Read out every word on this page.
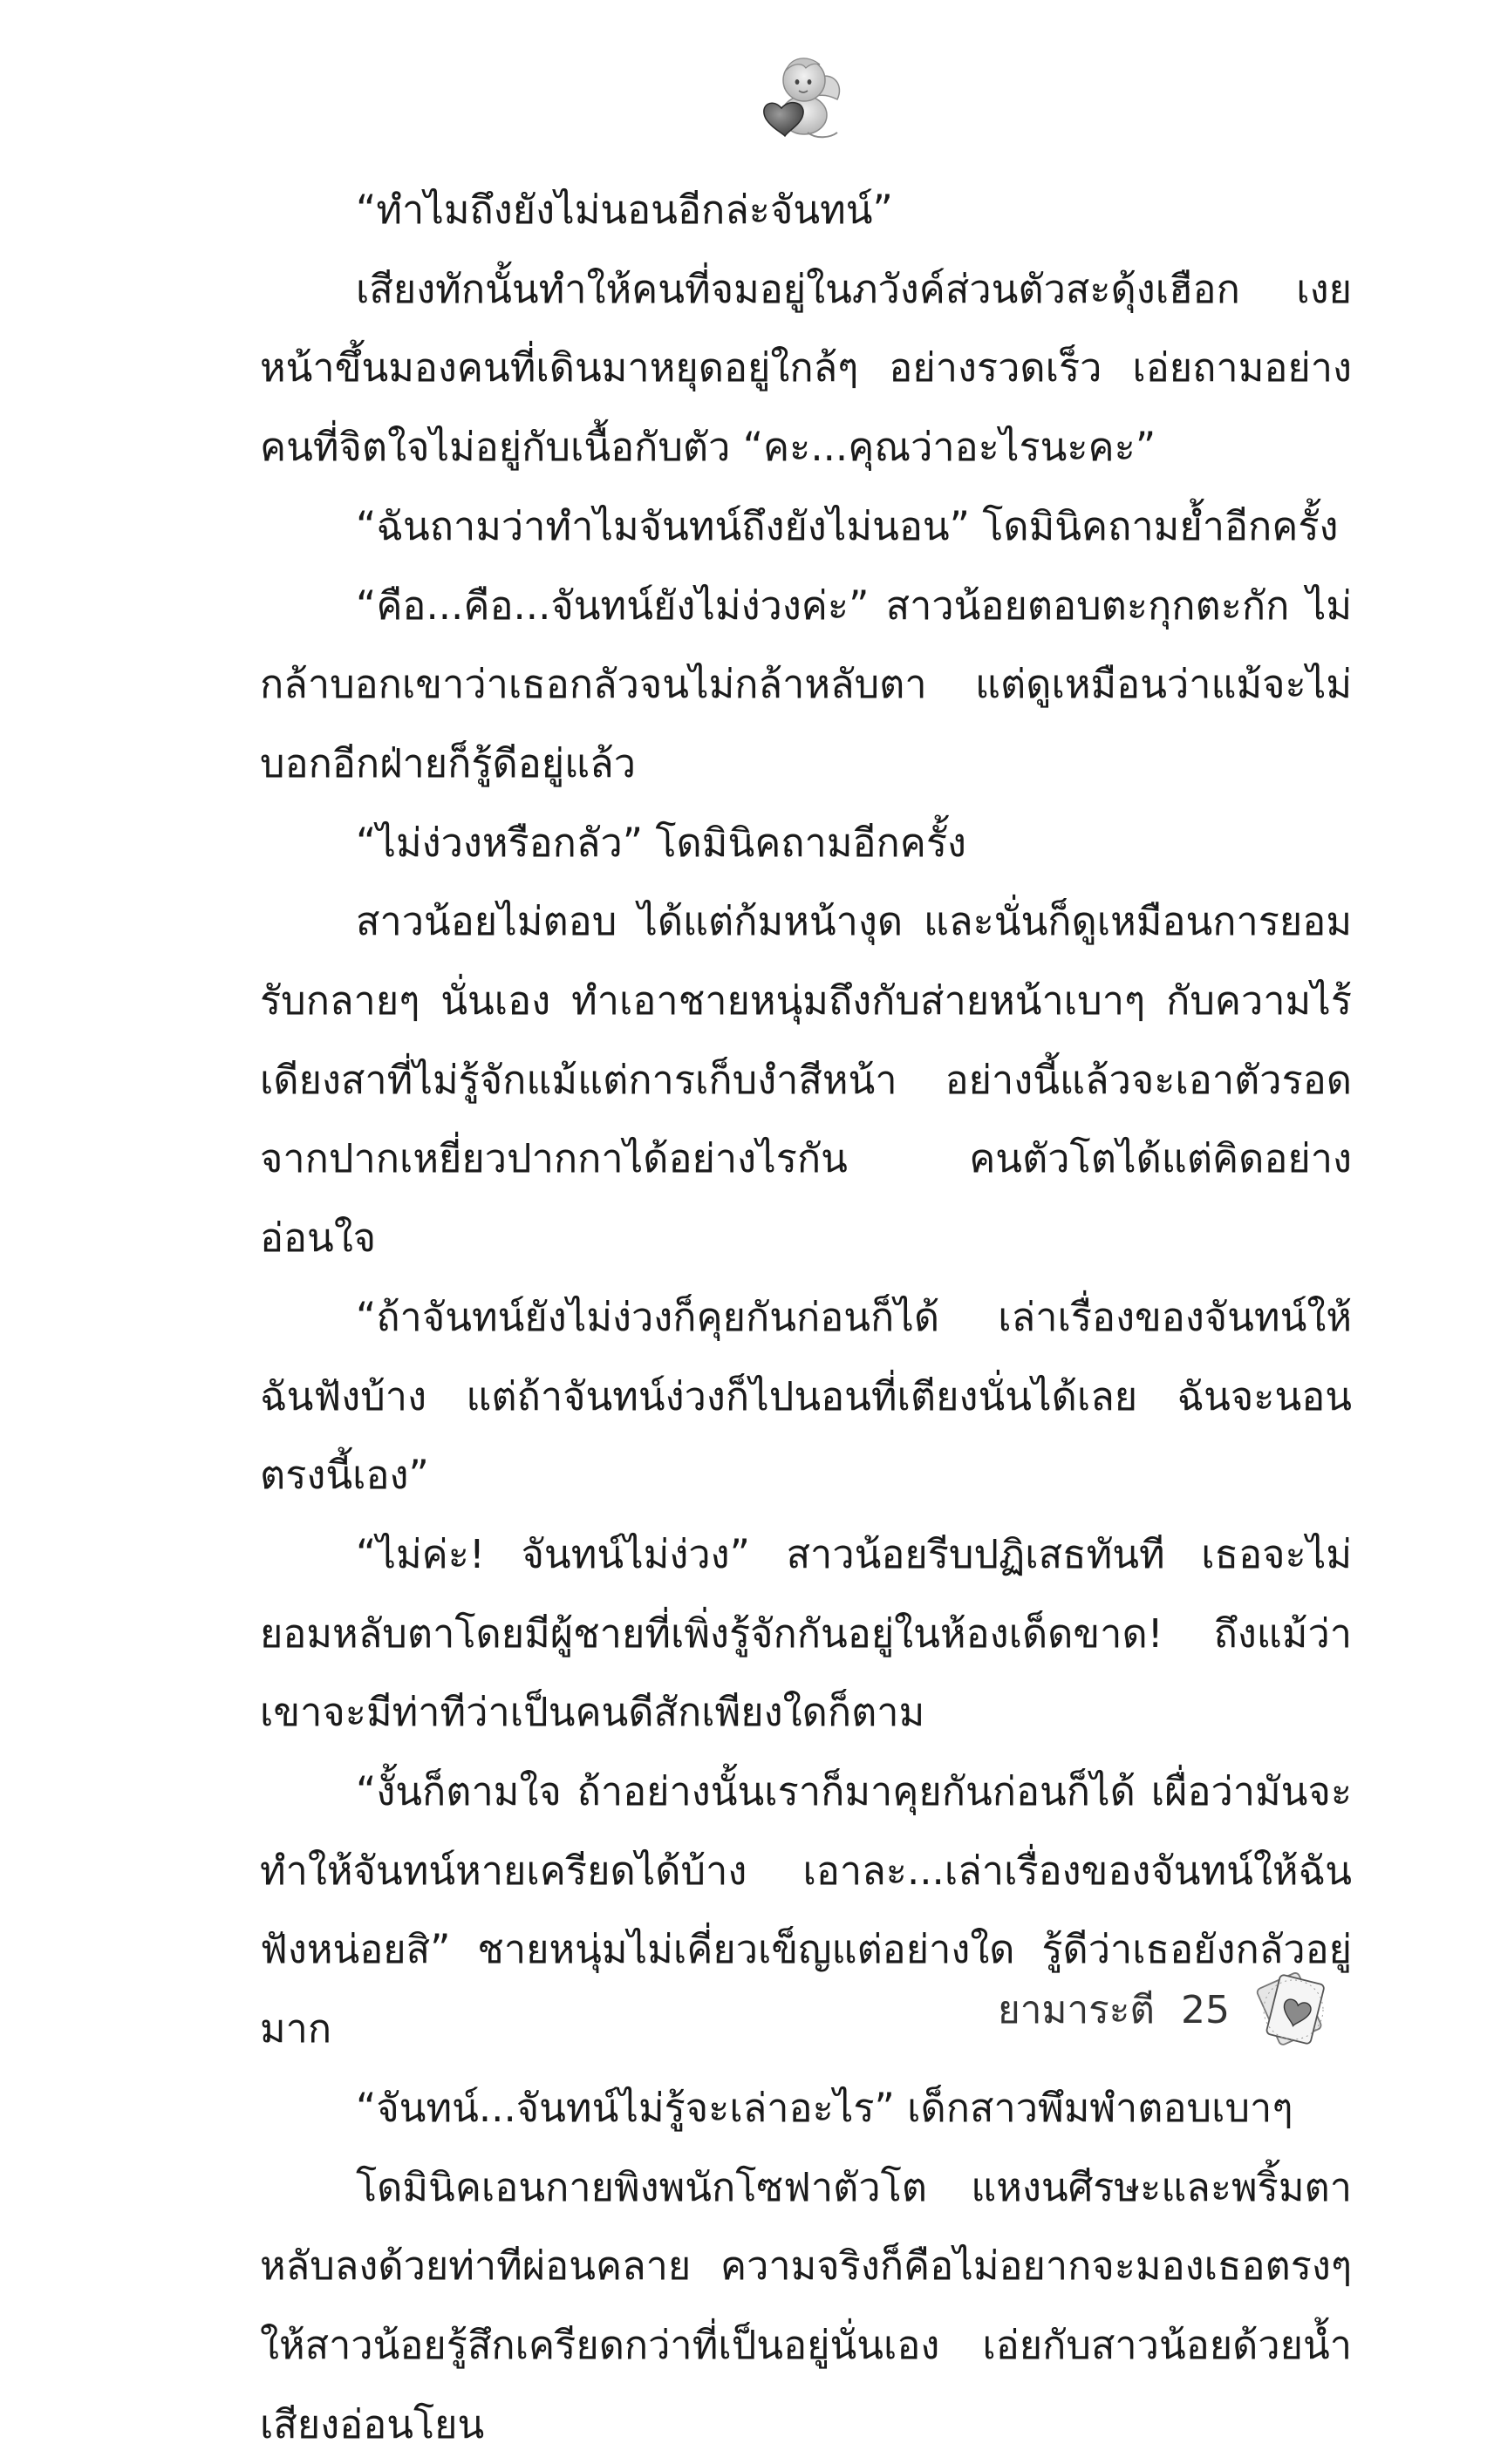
“ทำไมถึงยังไม่นอนอีกล่ะจันทน์”

เสียงทักนั้นทำให้คนที่จมอยู่ในภวังค์ส่วนตัวสะดุ้งเฮือก เงยหน้าขึ้นมองคนที่เดินมาหยุดอยู่ใกล้ๆ อย่างรวดเร็ว เอ่ยถามอย่างคนที่จิตใจไม่อยู่กับเนื้อกับตัว “คะ...คุณว่าอะไรนะคะ”

“ฉันถามว่าทำไมจันทน์ถึงยังไม่นอน” โดมินิคถามย้ำอีกครั้ง

“คือ...คือ...จันทน์ยังไม่ง่วงค่ะ” สาวน้อยตอบตะกุกตะกัก ไม่กล้าบอกเขาว่าเธอกลัวจนไม่กล้าหลับตา แต่ดูเหมือนว่าแม้จะไม่บอกอีกฝ่ายก็รู้ดีอยู่แล้ว

“ไม่ง่วงหรือกลัว” โดมินิคถามอีกครั้ง

สาวน้อยไม่ตอบ ได้แต่ก้มหน้างุด และนั่นก็ดูเหมือนการยอมรับกลายๆ นั่นเอง ทำเอาชายหนุ่มถึงกับส่ายหน้าเบาๆ กับความไร้เดียงสาที่ไม่รู้จักแม้แต่การเก็บงำสีหน้า อย่างนี้แล้วจะเอาตัวรอดจากปากเหยี่ยวปากกาได้อย่างไรกัน คนตัวโตได้แต่คิดอย่างอ่อนใจ

“ถ้าจันทน์ยังไม่ง่วงก็คุยกันก่อนก็ได้ เล่าเรื่องของจันทน์ให้ฉันฟังบ้าง แต่ถ้าจันทน์ง่วงก็ไปนอนที่เตียงนั่นได้เลย ฉันจะนอนตรงนี้เอง”

“ไม่ค่ะ! จันทน์ไม่ง่วง” สาวน้อยรีบปฏิเสธทันที เธอจะไม่ยอมหลับตาโดยมีผู้ชายที่เพิ่งรู้จักกันอยู่ในห้องเด็ดขาด! ถึงแม้ว่าเขาจะมีท่าทีว่าเป็นคนดีสักเพียงใดก็ตาม

“งั้นก็ตามใจ ถ้าอย่างนั้นเราก็มาคุยกันก่อนก็ได้ เผื่อว่ามันจะทำให้จันทน์หายเครียดได้บ้าง เอาละ...เล่าเรื่องของจันทน์ให้ฉันฟังหน่อยสิ” ชายหนุ่มไม่เคี่ยวเข็ญแต่อย่างใด รู้ดีว่าเธอยังกลัวอยู่มาก

“จันทน์...จันทน์ไม่รู้จะเล่าอะไร” เด็กสาวพึมพำตอบเบาๆ

โดมินิคเอนกายพิงพนักโซฟาตัวโต แหงนศีรษะและพริ้มตาหลับลงด้วยท่าทีผ่อนคลาย ความจริงก็คือไม่อยากจะมองเธอตรงๆ ให้สาวน้อยรู้สึกเครียดกว่าที่เป็นอยู่นั่นเอง เอ่ยกับสาวน้อยด้วยน้ำเสียงอ่อนโยน

ยามาระตี 25
